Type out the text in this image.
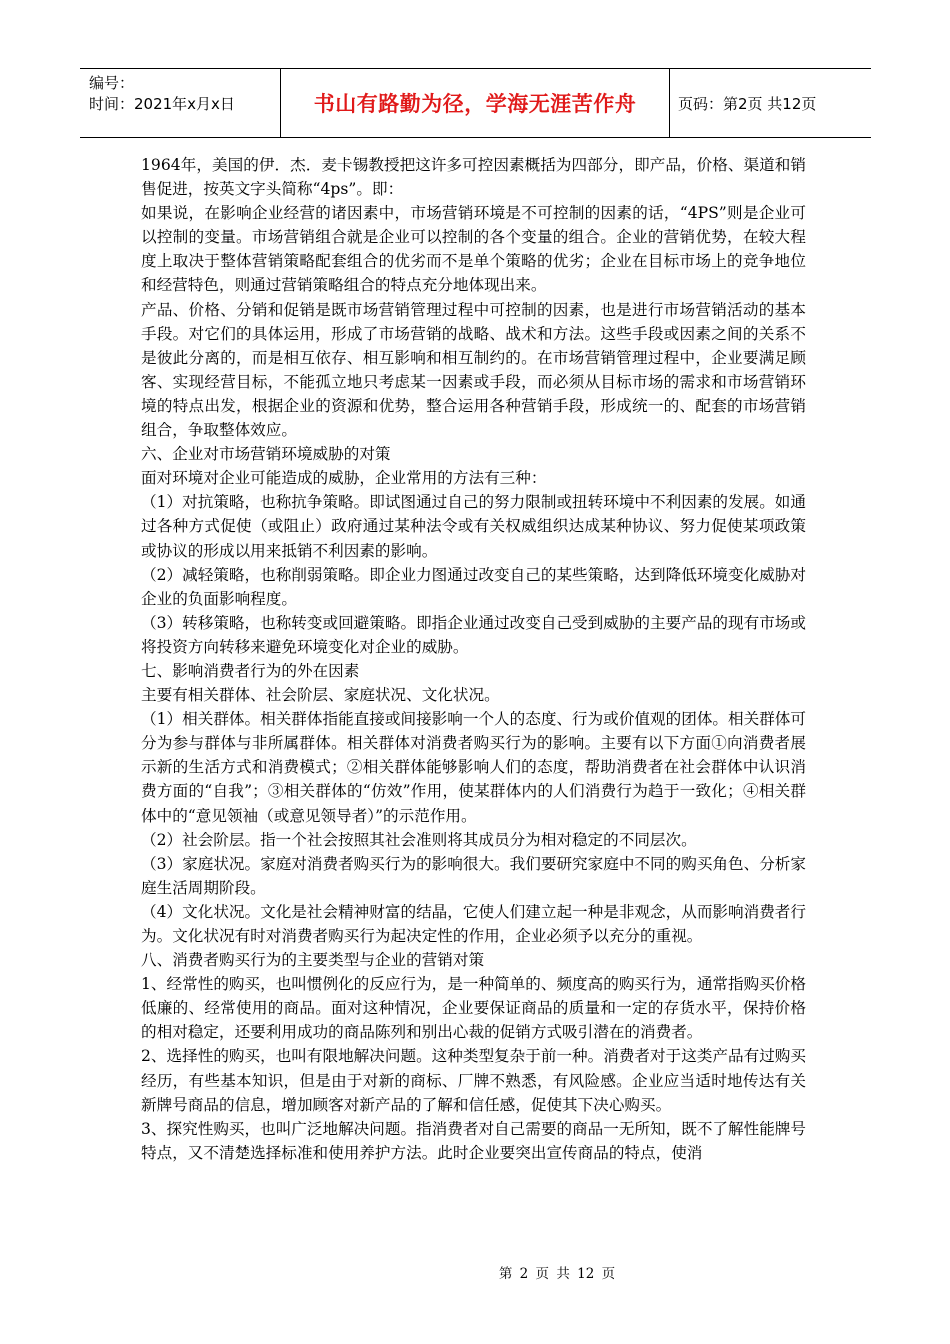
编号：
时间：2021年x月x日	书山有路勤为径，学海无涯苦作舟	页码：第2页 共12页

1964年，美国的伊．杰．麦卡锡教授把这许多可控因素概括为四部分，即产品，价格、渠道和销售促进，按英文字头简称“4ps”。即：

如果说，在影响企业经营的诸因素中，市场营销环境是不可控制的因素的话，“4PS”则是企业可以控制的变量。市场营销组合就是企业可以控制的各个变量的组合。企业的营销优势，在较大程度上取决于整体营销策略配套组合的优劣而不是单个策略的优劣；企业在目标市场上的竞争地位和经营特色，则通过营销策略组合的特点充分地体现出来。

产品、价格、分销和促销是既市场营销管理过程中可控制的因素，也是进行市场营销活动的基本手段。对它们的具体运用，形成了市场营销的战略、战术和方法。这些手段或因素之间的关系不是彼此分离的，而是相互依存、相互影响和相互制约的。在市场营销管理过程中，企业要满足顾客、实现经营目标，不能孤立地只考虑某一因素或手段，而必须从目标市场的需求和市场营销环境的特点出发，根据企业的资源和优势，整合运用各种营销手段，形成统一的、配套的市场营销组合，争取整体效应。

六、企业对市场营销环境威胁的对策

面对环境对企业可能造成的威胁，企业常用的方法有三种：

（1）对抗策略，也称抗争策略。即试图通过自己的努力限制或扭转环境中不利因素的发展。如通过各种方式促使（或阻止）政府通过某种法令或有关权威组织达成某种协议、努力促使某项政策或协议的形成以用来抵销不利因素的影响。

（2）减轻策略，也称削弱策略。即企业力图通过改变自己的某些策略，达到降低环境变化威胁对企业的负面影响程度。

（3）转移策略，也称转变或回避策略。即指企业通过改变自己受到威胁的主要产品的现有市场或将投资方向转移来避免环境变化对企业的威胁。

七、影响消费者行为的外在因素

主要有相关群体、社会阶层、家庭状况、文化状况。

（1）相关群体。相关群体指能直接或间接影响一个人的态度、行为或价值观的团体。相关群体可分为参与群体与非所属群体。相关群体对消费者购买行为的影响。主要有以下方面①向消费者展示新的生活方式和消费模式；②相关群体能够影响人们的态度，帮助消费者在社会群体中认识消费方面的“自我”；③相关群体的“仿效”作用，使某群体内的人们消费行为趋于一致化；④相关群体中的“意见领袖（或意见领导者）”的示范作用。

（2）社会阶层。指一个社会按照其社会准则将其成员分为相对稳定的不同层次。

（3）家庭状况。家庭对消费者购买行为的影响很大。我们要研究家庭中不同的购买角色、分析家庭生活周期阶段。

（4）文化状况。文化是社会精神财富的结晶，它使人们建立起一种是非观念，从而影响消费者行为。文化状况有时对消费者购买行为起决定性的作用，企业必须予以充分的重视。

八、消费者购买行为的主要类型与企业的营销对策

1、经常性的购买，也叫惯例化的反应行为，是一种简单的、频度高的购买行为，通常指购买价格低廉的、经常使用的商品。面对这种情况，企业要保证商品的质量和一定的存货水平，保持价格的相对稳定，还要利用成功的商品陈列和别出心裁的促销方式吸引潜在的消费者。

2、选择性的购买，也叫有限地解决问题。这种类型复杂于前一种。消费者对于这类产品有过购买经历，有些基本知识，但是由于对新的商标、厂牌不熟悉，有风险感。企业应当适时地传达有关新牌号商品的信息，增加顾客对新产品的了解和信任感，促使其下决心购买。

3、探究性购买，也叫广泛地解决问题。指消费者对自己需要的商品一无所知，既不了解性能牌号特点，又不清楚选择标准和使用养护方法。此时企业要突出宣传商品的特点，使消

第 2 页 共 12 页
